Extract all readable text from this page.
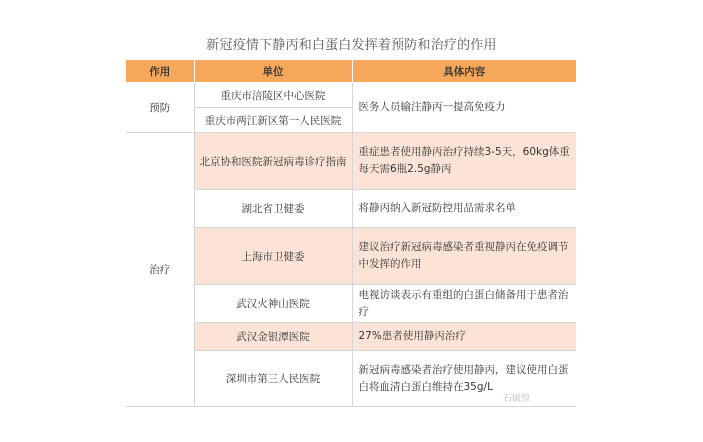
新冠疫情下静丙和白蛋白发挥着预防和治疗的作用
作用	单位	具体内容
预防	重庆市涪陵区中心医院	医务人员输注静丙一提高免疫力
	重庆市两江新区第一人民医院	
治疗	北京协和医院新冠病毒诊疗指南	重症患者使用静丙治疗持续3-5天，60kg体重每天需6瓶2.5g静丙
	湖北省卫健委	将静丙纳入新冠防控用品需求名单
	上海市卫健委	建议治疗新冠病毒感染者重视静丙在免疫调节中发挥的作用
	武汉火神山医院	电视访谈表示有重组的白蛋白储备用于患者治疗
	武汉金银潭医院	27%患者使用静丙治疗
	深圳市第三人民医院	新冠病毒感染者治疗使用静丙，建议使用白蛋白将血清白蛋白维持在35g/L
石破惊
